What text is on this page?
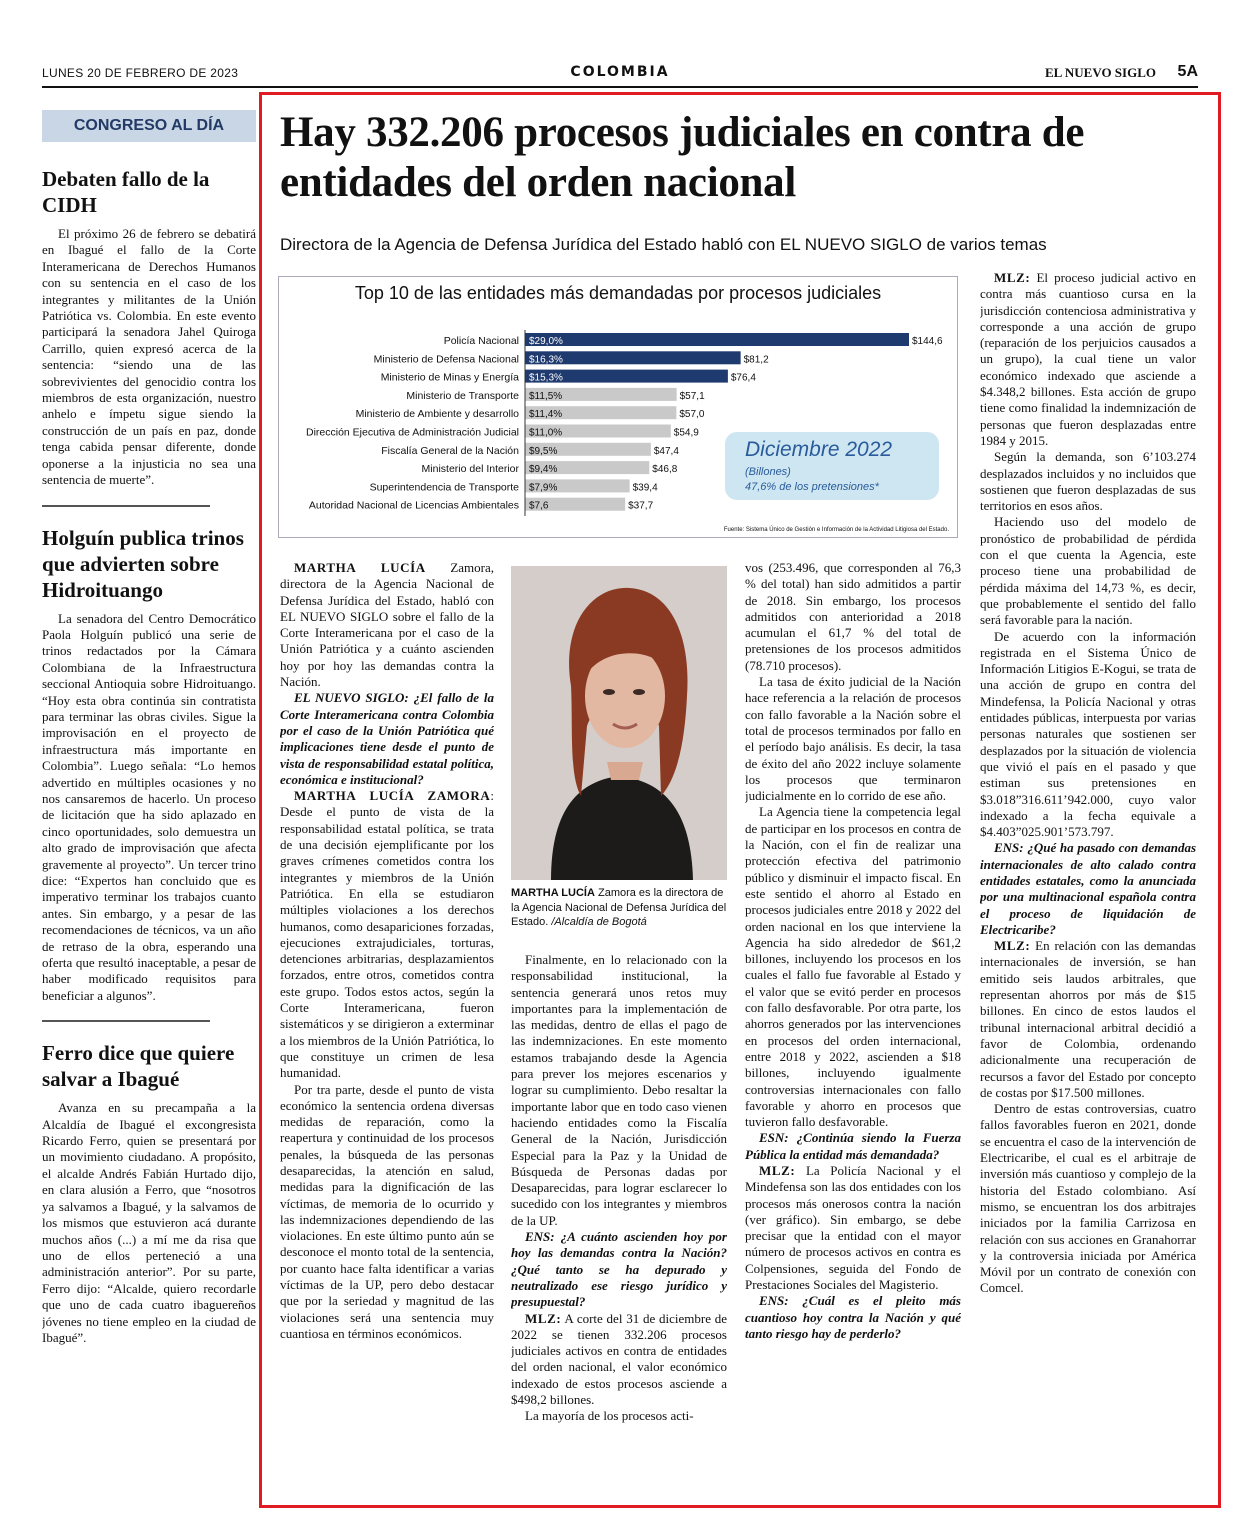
LUNES 20 DE FEBRERO DE 2023	COLOMBIA	EL NUEVO SIGLO 5A
CONGRESO AL DÍA
Debaten fallo de la CIDH

El próximo 26 de febrero se debatirá en Ibagué el fallo de la Corte Interamericana de Derechos Humanos con su sentencia en el caso de los integrantes y militantes de la Unión Patriótica vs. Colombia. En este evento participará la senadora Jahel Quiroga Carrillo, quien expresó acerca de la sentencia: “siendo una de las sobrevivientes del genocidio contra los miembros de esta organización, nuestro anhelo e ímpetu sigue siendo la construcción de un país en paz, donde tenga cabida pensar diferente, donde oponerse a la injusticia no sea una sentencia de muerte”.

Holguín publica trinos que advierten sobre Hidroituango

La senadora del Centro Democrático Paola Holguín publicó una serie de trinos redactados por la Cámara Colombiana de la Infraestructura seccional Antioquia sobre Hidroituango. “Hoy esta obra continúa sin contratista para terminar las obras civiles. Sigue la improvisación en el proyecto de infraestructura más importante en Colombia”. Luego señala: “Lo hemos advertido en múltiples ocasiones y no nos cansaremos de hacerlo. Un proceso de licitación que ha sido aplazado en cinco oportunidades, solo demuestra un alto grado de improvisación que afecta gravemente al proyecto”. Un tercer trino dice: “Expertos han concluido que es imperativo terminar los trabajos cuanto antes. Sin embargo, y a pesar de las recomendaciones de técnicos, va un año de retraso de la obra, esperando una oferta que resultó inaceptable, a pesar de haber modificado requisitos para beneficiar a algunos”.

Ferro dice que quiere salvar a Ibagué

Avanza en su precampaña a la Alcaldía de Ibagué el excongresista Ricardo Ferro, quien se presentará por un movimiento ciudadano. A propósito, el alcalde Andrés Fabián Hurtado dijo, en clara alusión a Ferro, que “nosotros ya salvamos a Ibagué, y la salvamos de los mismos que estuvieron acá durante muchos años (...) a mí me da risa que uno de ellos perteneció a una administración anterior”. Por su parte, Ferro dijo: “Alcalde, quiero recordarle que uno de cada cuatro ibaguereños jóvenes no tiene empleo en la ciudad de Ibagué”.

Hay 332.206 procesos judiciales en contra de entidades del orden nacional
Directora de la Agencia de Defensa Jurídica del Estado habló con EL NUEVO SIGLO de varios temas
Top 10 de las entidades más demandadas por procesos judiciales
Policía Nacional $29,0%	$144,6
Ministerio de Defensa Nacional $16,3%	$81,2
Ministerio de Minas y Energía $15,3%	$76,4
Ministerio de Transporte $11,5%	$57,1
Ministerio de Ambiente y desarrollo $11,4%	$57,0
Dirección Ejecutiva de Administración Judicial $11,0%	$54,9
Fiscalía General de la Nación $9,5%	$47,4
Ministerio del Interior $9,4%	$46,8
Superintendencia de Transporte $7,9%	$39,4
Autoridad Nacional de Licencias Ambientales $7,6	$37,7
Diciembre 2022
(Billones)
47,6% de los pretensiones*
Fuente: Sistema Único de Gestión e Información de la Actividad Litigiosa del Estado.

MARTHA LUCÍA Zamora, directora de la Agencia Nacional de Defensa Jurídica del Estado, habló con EL NUEVO SIGLO sobre el fallo de la Corte Interamericana por el caso de la Unión Patriótica y a cuánto ascienden hoy por hoy las demandas contra la Nación.

EL NUEVO SIGLO: ¿El fallo de la Corte Interamericana contra Colombia por el caso de la Unión Patriótica qué implicaciones tiene desde el punto de vista de responsabilidad estatal política, económica e institucional?

MARTHA LUCÍA ZAMORA: Desde el punto de vista de la responsabilidad estatal política, se trata de una decisión ejemplificante por los graves crímenes cometidos contra los integrantes y miembros de la Unión Patriótica. En ella se estudiaron múltiples violaciones a los derechos humanos, como desapariciones forzadas, ejecuciones extrajudiciales, torturas, detenciones arbitrarias, desplazamientos forzados, entre otros, cometidos contra este grupo. Todos estos actos, según la Corte Interamericana, fueron sistemáticos y se dirigieron a exterminar a los miembros de la Unión Patriótica, lo que constituye un crimen de lesa humanidad.

Por tra parte, desde el punto de vista económico la sentencia ordena diversas medidas de reparación, como la reapertura y continuidad de los procesos penales, la búsqueda de las personas desaparecidas, la atención en salud, medidas para la dignificación de las víctimas, de memoria de lo ocurrido y las indemnizaciones dependiendo de las violaciones. En este último punto aún se desconoce el monto total de la sentencia, por cuanto hace falta identificar a varias víctimas de la UP, pero debo destacar que por la seriedad y magnitud de las violaciones será una sentencia muy cuantiosa en términos económicos.

MARTHA LUCÍA Zamora es la directora de la Agencia Nacional de Defensa Jurídica del Estado. /Alcaldía de Bogotá

Finalmente, en lo relacionado con la responsabilidad institucional, la sentencia generará unos retos muy importantes para la implementación de las medidas, dentro de ellas el pago de las indemnizaciones. En este momento estamos trabajando desde la Agencia para prever los mejores escenarios y lograr su cumplimiento. Debo resaltar la importante labor que en todo caso vienen haciendo entidades como la Fiscalía General de la Nación, Jurisdicción Especial para la Paz y la Unidad de Búsqueda de Personas dadas por Desaparecidas, para lograr esclarecer lo sucedido con los integrantes y miembros de la UP.

ENS: ¿A cuánto ascienden hoy por hoy las demandas contra la Nación? ¿Qué tanto se ha depurado y neutralizado ese riesgo jurídico y presupuestal?

MLZ: A corte del 31 de diciembre de 2022 se tienen 332.206 procesos judiciales activos en contra de entidades del orden nacional, el valor económico indexado de estos procesos asciende a $498,2 billones.

La mayoría de los procesos acti-

vos (253.496, que corresponden al 76,3 % del total) han sido admitidos a partir de 2018. Sin embargo, los procesos admitidos con anterioridad a 2018 acumulan el 61,7 % del total de pretensiones de los procesos admitidos (78.710 procesos).

La tasa de éxito judicial de la Nación hace referencia a la relación de procesos con fallo favorable a la Nación sobre el total de procesos terminados por fallo en el período bajo análisis. Es decir, la tasa de éxito del año 2022 incluye solamente los procesos que terminaron judicialmente en lo corrido de ese año.

La Agencia tiene la competencia legal de participar en los procesos en contra de la Nación, con el fin de realizar una protección efectiva del patrimonio público y disminuir el impacto fiscal. En este sentido el ahorro al Estado en procesos judiciales entre 2018 y 2022 del orden nacional en los que interviene la Agencia ha sido alrededor de $61,2 billones, incluyendo los procesos en los cuales el fallo fue favorable al Estado y el valor que se evitó perder en procesos con fallo desfavorable. Por otra parte, los ahorros generados por las intervenciones en procesos del orden internacional, entre 2018 y 2022, ascienden a $18 billones, incluyendo igualmente controversias internacionales con fallo favorable y ahorro en procesos que tuvieron fallo desfavorable.

ESN: ¿Continúa siendo la Fuerza Pública la entidad más demandada?

MLZ: La Policía Nacional y el Mindefensa son las dos entidades con los procesos más onerosos contra la nación (ver gráfico). Sin embargo, se debe precisar que la entidad con el mayor número de procesos activos en contra es Colpensiones, seguida del Fondo de Prestaciones Sociales del Magisterio.

ENS: ¿Cuál es el pleito más cuantioso hoy contra la Nación y qué tanto riesgo hay de perderlo?

MLZ: El proceso judicial activo en contra más cuantioso cursa en la jurisdicción contenciosa administrativa y corresponde a una acción de grupo (reparación de los perjuicios causados a un grupo), la cual tiene un valor económico indexado que asciende a $4.348,2 billones. Esta acción de grupo tiene como finalidad la indemnización de personas que fueron desplazadas entre 1984 y 2015.

Según la demanda, son 6’103.274 desplazados incluidos y no incluidos que sostienen que fueron desplazadas de sus territorios en esos años.

Haciendo uso del modelo de pronóstico de probabilidad de pérdida con el que cuenta la Agencia, este proceso tiene una probabilidad de pérdida máxima del 14,73 %, es decir, que probablemente el sentido del fallo será favorable para la nación.

De acuerdo con la información registrada en el Sistema Único de Información Litigios E-Kogui, se trata de una acción de grupo en contra del Mindefensa, la Policía Nacional y otras entidades públicas, interpuesta por varias personas naturales que sostienen ser desplazados por la situación de violencia que vivió el país en el pasado y que estiman sus pretensiones en $3.018”316.611’942.000, cuyo valor indexado a la fecha equivale a $4.403”025.901’573.797.

ENS: ¿Qué ha pasado con demandas internacionales de alto calado contra entidades estatales, como la anunciada por una multinacional española contra el proceso de liquidación de Electricaribe?

MLZ: En relación con las demandas internacionales de inversión, se han emitido seis laudos arbitrales, que representan ahorros por más de $15 billones. En cinco de estos laudos el tribunal internacional arbitral decidió a favor de Colombia, ordenando adicionalmente una recuperación de recursos a favor del Estado por concepto de costas por $17.500 millones.

Dentro de estas controversias, cuatro fallos favorables fueron en 2021, donde se encuentra el caso de la intervención de Electricaribe, el cual es el arbitraje de inversión más cuantioso y complejo de la historia del Estado colombiano. Así mismo, se encuentran los dos arbitrajes iniciados por la familia Carrizosa en relación con sus acciones en Granahorrar y la controversia iniciada por América Móvil por un contrato de conexión con Comcel.
